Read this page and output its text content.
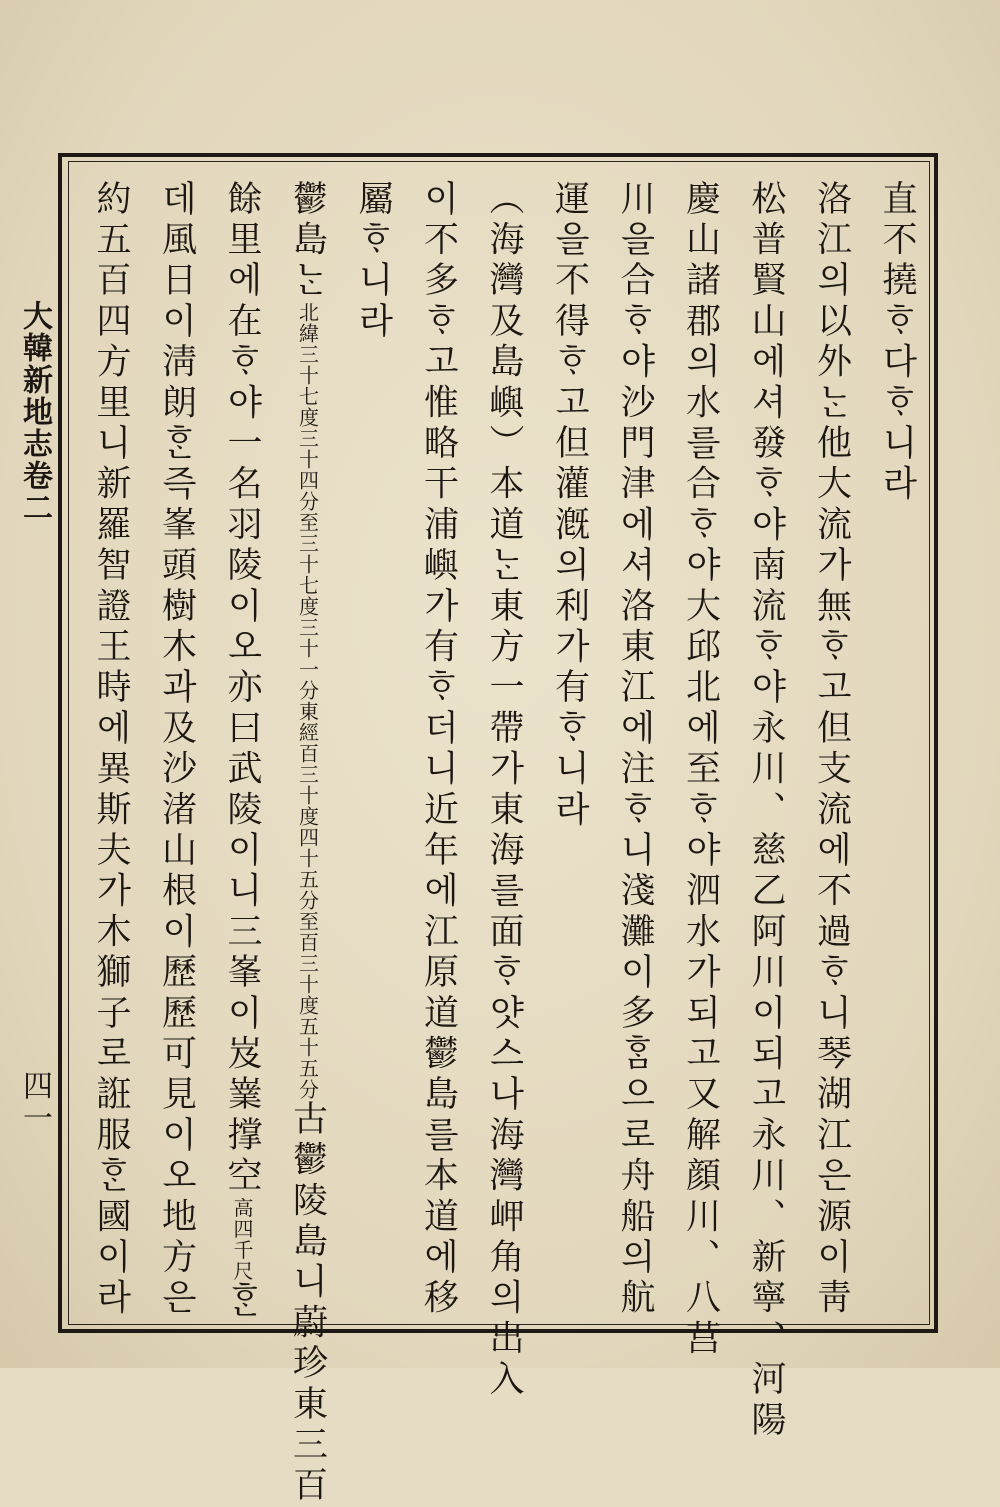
大韓新地志卷二
四一
直不撓ᄒᆞ다ᄒᆞ니라
洛江의以外ᄂᆞᆫ他大流가無ᄒᆞ고但支流에不過ᄒᆞ니琴湖江은源이靑
松普賢山에셔發ᄒᆞ야南流ᄒᆞ야永川、慈乙阿川이되고永川、新寧、河陽
慶山諸郡의水를合ᄒᆞ야大邱北에至ᄒᆞ야泗水가되고又解顔川、八莒
川을合ᄒᆞ야沙門津에셔洛東江에注ᄒᆞ니淺灘이多ᄒᆞᆷ으로舟船의航
運을不得ᄒᆞ고但灌漑의利가有ᄒᆞ니라
（海灣及島嶼）本道ᄂᆞᆫ東方一帶가東海를面ᄒᆞ얏스나海灣岬角의出入
이不多ᄒᆞ고惟略干浦嶼가有ᄒᆞ더니近年에江原道鬱島를本道에移
屬ᄒᆞ니라
鬱島ᄂᆞᆫ北緯三十七度三十四分至三十七度三十一分東經百三十度四十五分至百三十度五十五分古鬱陵島니蔚珍東三百
餘里에在ᄒᆞ야一名羽陵이오亦曰武陵이니三峯이岌嶪撑空高四千尺ᄒᆞᆫ
데風日이淸朗ᄒᆞᆫ즉峯頭樹木과及沙渚山根이歷歷可見이오地方은
約五百四方里니新羅智證王時에異斯夫가木獅子로誑服ᄒᆞᆫ國이라
